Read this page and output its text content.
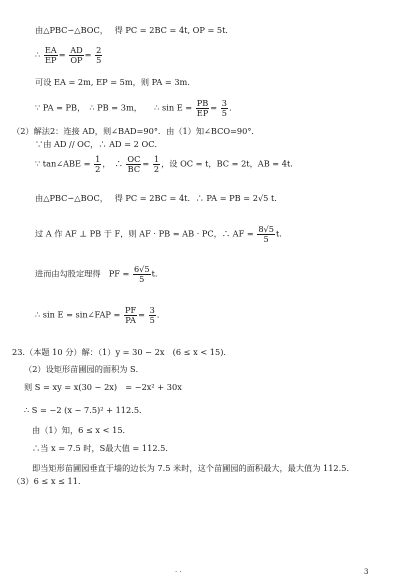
由△PBC∽△BOC，　 得 PC = 2BC = 4t, OP = 5t．
∴ $\frac{EA}{EP} = \frac{AD}{OP} = \frac{2}{5}$
可设 EA = 2m, EP = 5m，则 PA = 3m．
∵ PA = PB，　∴ PB = 3m，　　∴ $\sin E = \frac{PB}{EP} = \frac{3}{5}$ ．
（2）解法2：连接 AD，则∠BAD=90°．由（1）知∠BCO=90°．
∵由 AD // OC，∴ AD = 2 OC．
∵ tan∠ABE = $\frac{1}{2}$ ，　∴ $\frac{OC}{BC} = \frac{1}{2}$ ，设 OC = t，BC = 2t，AB = 4t．
由△PBC∽△BOC，　 得 PC = 2BC = 4t．∴ PA = PB = 2√5 t．
过 A 作 AF ⊥ PB 于 F，则 AF · PB = AB · PC，∴ AF = $\frac{8√5}{5}$ t．
进而由勾股定理得　PF = $\frac{6√5}{5}$ t．
∴ sin E = sin∠FAP = $\frac{PF}{PA} = \frac{3}{5}$ ．
23.（本题 10 分）解：（1）y = 30 − 2x　(6 ≤ x < 15)．
（2）设矩形苗圃园的面积为 S．
则 S = xy = x(30 − 2x)　= −2x² + 30x
∴ S = −2 (x − 7.5)² + 112.5．
由（1）知，6 ≤ x < 15．
∴当 x = 7.5 时，S最大值 = 112.5．
即当矩形苗圃园垂直于墙的边长为 7.5 米时，这个苗圃园的面积最大，最大值为 112.5．
（3）6 ≤ x ≤ 11．
· ·	3
